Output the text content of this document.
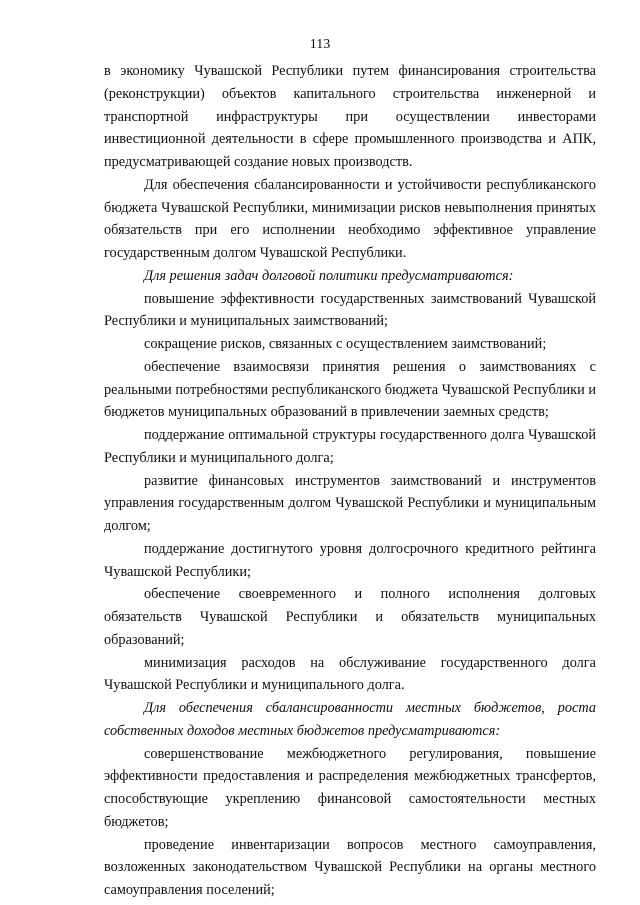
113

в экономику Чувашской Республики путем финансирования строительства (реконструкции) объектов капитального строительства инженерной и транспортной инфраструктуры при осуществлении инвесторами инвестиционной деятельности в сфере промышленного производства и АПК, предусматривающей создание новых производств.

Для обеспечения сбалансированности и устойчивости республиканского бюджета Чувашской Республики, минимизации рисков невыполнения принятых обязательств при его исполнении необходимо эффективное управление государственным долгом Чувашской Республики.

Для решения задач долговой политики предусматриваются:

повышение эффективности государственных заимствований Чувашской Республики и муниципальных заимствований;

сокращение рисков, связанных с осуществлением заимствований;

обеспечение взаимосвязи принятия решения о заимствованиях с реальными потребностями республиканского бюджета Чувашской Республики и бюджетов муниципальных образований в привлечении заемных средств;

поддержание оптимальной структуры государственного долга Чувашской Республики и муниципального долга;

развитие финансовых инструментов заимствований и инструментов управления государственным долгом Чувашской Республики и муниципальным долгом;

поддержание достигнутого уровня долгосрочного кредитного рейтинга Чувашской Республики;

обеспечение своевременного и полного исполнения долговых обязательств Чувашской Республики и обязательств муниципальных образований;

минимизация расходов на обслуживание государственного долга Чувашской Республики и муниципального долга.

Для обеспечения сбалансированности местных бюджетов, роста собственных доходов местных бюджетов предусматриваются:

совершенствование межбюджетного регулирования, повышение эффективности предоставления и распределения межбюджетных трансфертов, способствующие укреплению финансовой самостоятельности местных бюджетов;

проведение инвентаризации вопросов местного самоуправления, возложенных законодательством Чувашской Республики на органы местного самоуправления поселений;
